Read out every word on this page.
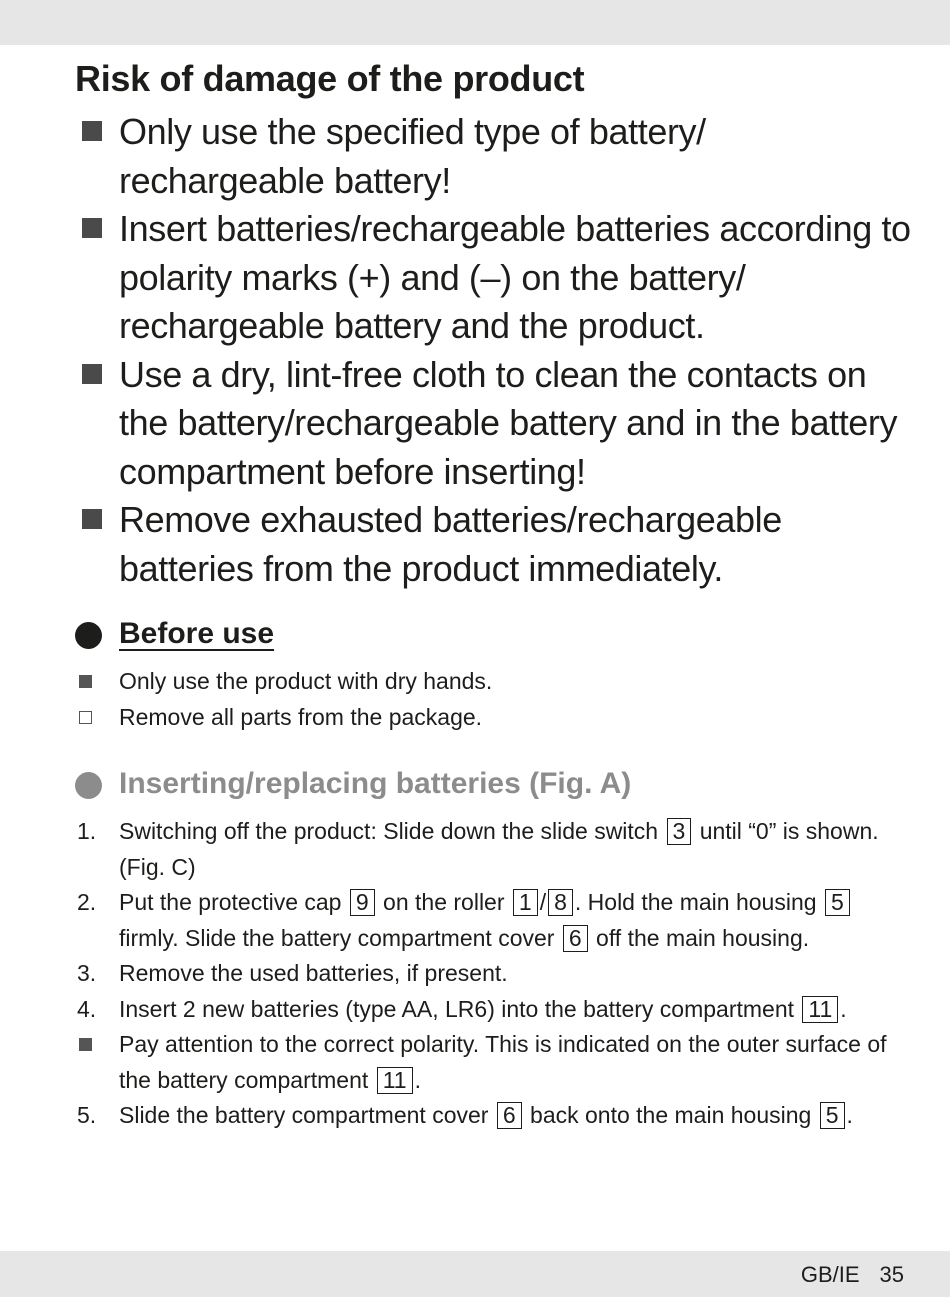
Risk of damage of the product
Only use the specified type of battery/ rechargeable battery!
Insert batteries/rechargeable batteries according to polarity marks (+) and (–) on the battery/ rechargeable battery and the product.
Use a dry, lint-free cloth to clean the contacts on the battery/rechargeable battery and in the battery compartment before inserting!
Remove exhausted batteries/rechargeable batteries from the product immediately.
Before use
Only use the product with dry hands.
Remove all parts from the package.
Inserting/replacing batteries (Fig. A)
1. Switching off the product: Slide down the slide switch 3 until “0” is shown. (Fig. C)
2. Put the protective cap 9 on the roller 1 / 8 . Hold the main housing 5 firmly. Slide the battery compartment cover 6 off the main housing.
3. Remove the used batteries, if present.
4. Insert 2 new batteries (type AA, LR6) into the battery compartment 11 .
Pay attention to the correct polarity. This is indicated on the outer surface of the battery compartment 11 .
5. Slide the battery compartment cover 6 back onto the main housing 5 .
GB/IE 35
